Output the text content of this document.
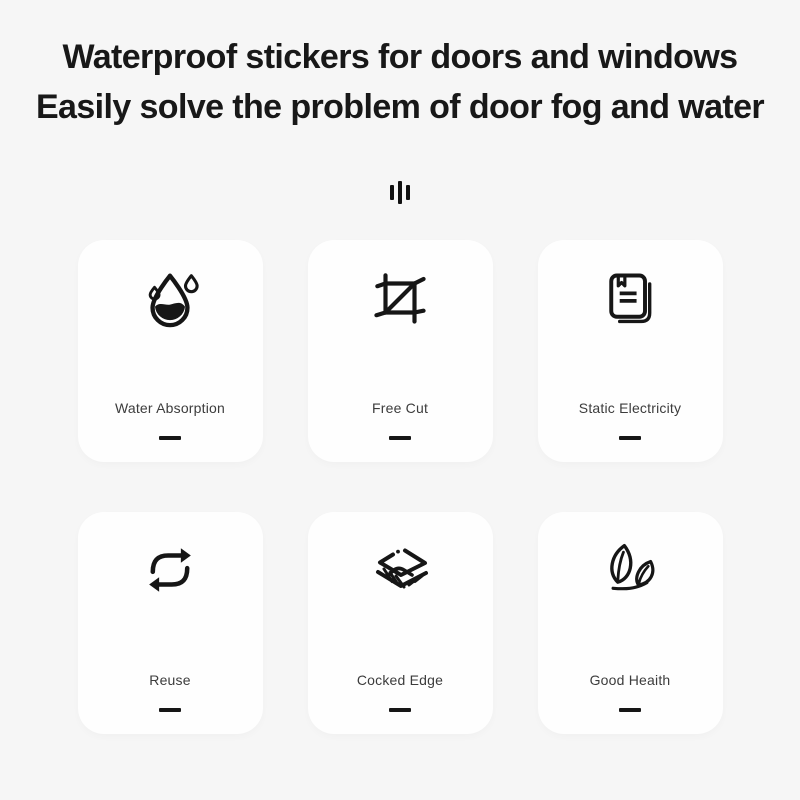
Waterproof stickers for doors and windows
Easily solve the problem of door fog and water
Water Absorption	Free Cut	Static Electricity
Reuse	Cocked Edge	Good Heaith
